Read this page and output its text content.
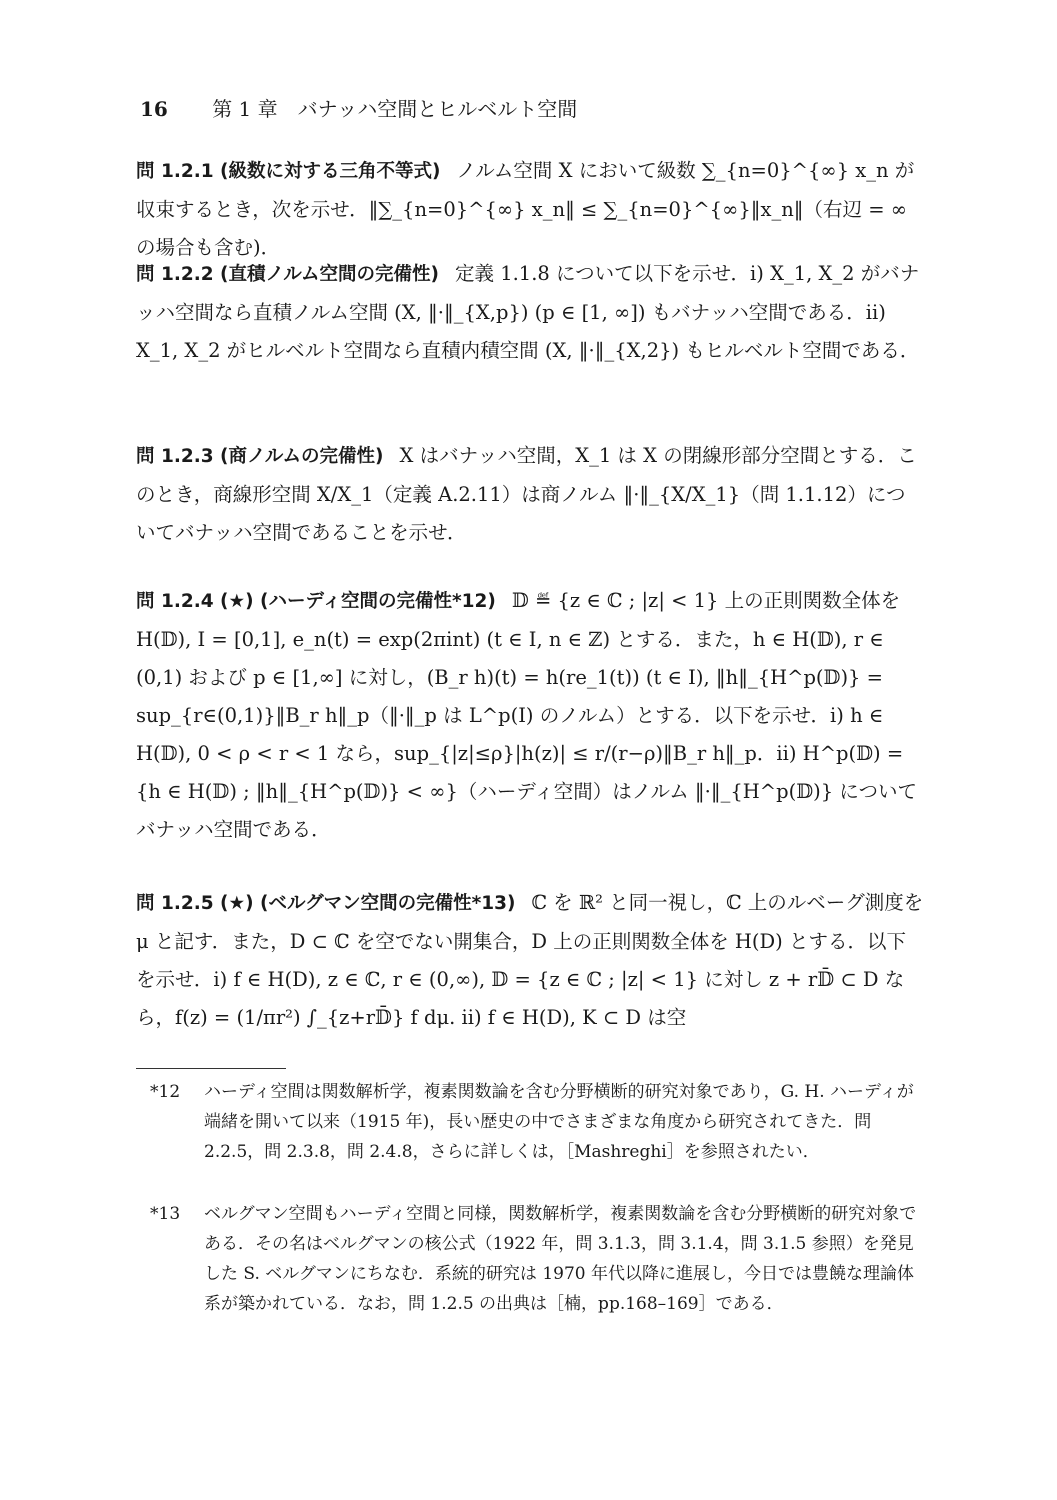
16 第 1 章　バナッハ空間とヒルベルト空間
問 1.2.1 (級数に対する三角不等式) ノルム空間 X において級数 ∑_{n=0}^{∞} x_n が収束するとき，次を示せ．‖∑_{n=0}^{∞} x_n‖ ≤ ∑_{n=0}^{∞}‖x_n‖（右辺 = ∞ の場合も含む)．
問 1.2.2 (直積ノルム空間の完備性) 定義 1.1.8 について以下を示せ．i) X_1, X_2 がバナッハ空間なら直積ノルム空間 (X, ‖·‖_{X,p}) (p ∈ [1, ∞]) もバナッハ空間である．ii) X_1, X_2 がヒルベルト空間なら直積内積空間 (X, ‖·‖_{X,2}) もヒルベルト空間である．
問 1.2.3 (商ノルムの完備性) X はバナッハ空間，X_1 は X の閉線形部分空間とする．このとき，商線形空間 X/X_1（定義 A.2.11）は商ノルム ‖·‖_{X/X_1}（問 1.1.12）についてバナッハ空間であることを示せ．
問 1.2.4 (★) (ハーディ空間の完備性*12) 𝔻 ≝ {z ∈ ℂ ; |z| < 1} 上の正則関数全体を H(𝔻), I = [0,1], e_n(t) = exp(2πint) (t ∈ I, n ∈ ℤ) とする．また，h ∈ H(𝔻), r ∈ (0,1) および p ∈ [1,∞] に対し，(B_r h)(t) = h(re_1(t)) (t ∈ I), ‖h‖_{H^p(𝔻)} = sup_{r∈(0,1)}‖B_r h‖_p（‖·‖_p は L^p(I) のノルム）とする．以下を示せ．i) h ∈ H(𝔻), 0 < ρ < r < 1 なら，sup_{|z|≤ρ}|h(z)| ≤ r/(r−ρ)‖B_r h‖_p．ii) H^p(𝔻) = {h ∈ H(𝔻) ; ‖h‖_{H^p(𝔻)} < ∞}（ハーディ空間）はノルム ‖·‖_{H^p(𝔻)} についてバナッハ空間である．
問 1.2.5 (★) (ベルグマン空間の完備性*13) ℂ を ℝ² と同一視し，ℂ 上のルベーグ測度を μ と記す．また，D ⊂ ℂ を空でない開集合，D 上の正則関数全体を H(D) とする．以下を示せ．i) f ∈ H(D), z ∈ ℂ, r ∈ (0,∞), 𝔻 = {z ∈ ℂ ; |z| < 1} に対し z + r𝔻̄ ⊂ D なら，f(z) = (1/πr²) ∫_{z+r𝔻̄} f dμ. ii) f ∈ H(D), K ⊂ D は空
*12	ハーディ空間は関数解析学，複素関数論を含む分野横断的研究対象であり，G. H. ハーディが端緒を開いて以来（1915 年)，長い歴史の中でさまざまな角度から研究されてきた．問 2.2.5，問 2.3.8，問 2.4.8，さらに詳しくは，［Mashreghi］を参照されたい．
*13	ベルグマン空間もハーディ空間と同様，関数解析学，複素関数論を含む分野横断的研究対象である．その名はベルグマンの核公式（1922 年，問 3.1.3，問 3.1.4，問 3.1.5 参照）を発見した S. ベルグマンにちなむ．系統的研究は 1970 年代以降に進展し，今日では豊饒な理論体系が築かれている．なお，問 1.2.5 の出典は［楠，pp.168–169］である．
